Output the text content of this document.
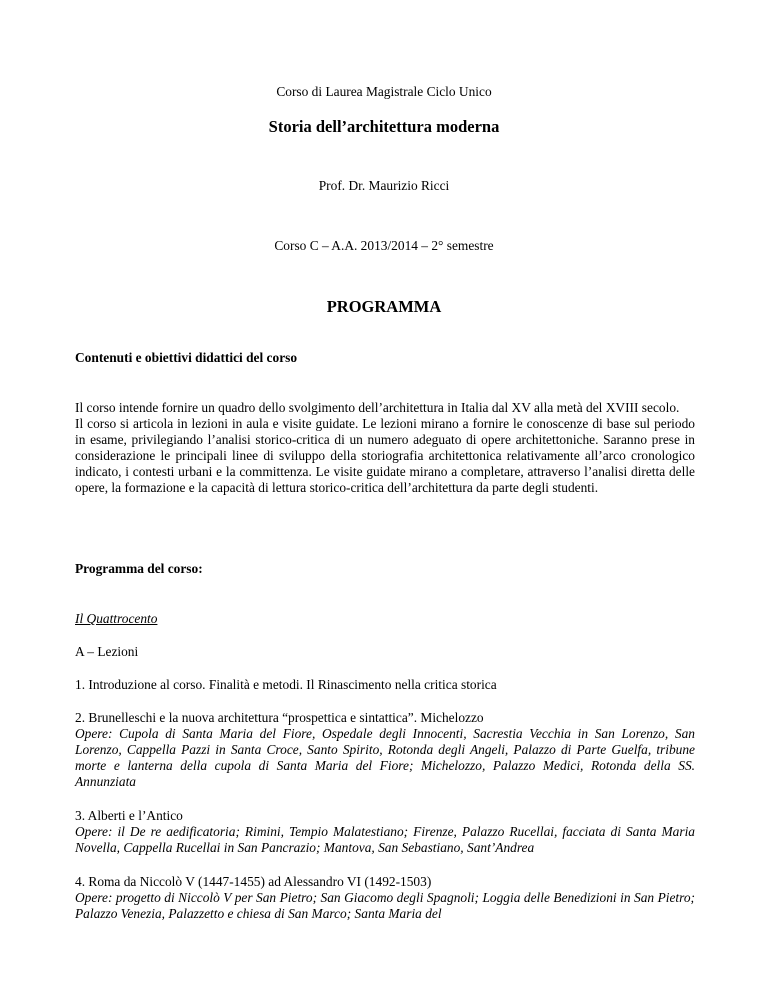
Corso di Laurea Magistrale Ciclo Unico
Storia dell’architettura moderna
Prof. Dr. Maurizio Ricci
Corso C – A.A. 2013/2014 – 2° semestre
PROGRAMMA
Contenuti e obiettivi didattici del corso
Il corso intende fornire un quadro dello svolgimento dell’architettura in Italia dal XV alla metà del XVIII secolo.
Il corso si articola in lezioni in aula e visite guidate. Le lezioni mirano a fornire le conoscenze di base sul periodo in esame, privilegiando l’analisi storico-critica di un numero adeguato di opere architettoniche. Saranno prese in considerazione le principali linee di sviluppo della storiografia architettonica relativamente all’arco cronologico indicato, i contesti urbani e la committenza. Le visite guidate mirano a completare, attraverso l’analisi diretta delle opere, la formazione e la capacità di lettura storico-critica dell’architettura da parte degli studenti.
Programma del corso:
Il Quattrocento
A – Lezioni
1. Introduzione al corso. Finalità e metodi. Il Rinascimento nella critica storica
2. Brunelleschi e la nuova architettura “prospettica e sintattica”. Michelozzo
Opere: Cupola di Santa Maria del Fiore, Ospedale degli Innocenti, Sacrestia Vecchia in San Lorenzo, San Lorenzo, Cappella Pazzi in Santa Croce, Santo Spirito, Rotonda degli Angeli, Palazzo di Parte Guelfa, tribune morte e lanterna della cupola di Santa Maria del Fiore; Michelozzo, Palazzo Medici, Rotonda della SS. Annunziata
3. Alberti e l’Antico
Opere: il De re aedificatoria; Rimini, Tempio Malatestiano; Firenze, Palazzo Rucellai, facciata di Santa Maria Novella, Cappella Rucellai in San Pancrazio; Mantova, San Sebastiano, Sant’Andrea
4. Roma da Niccolò V (1447-1455) ad Alessandro VI (1492-1503)
Opere: progetto di Niccolò V per San Pietro; San Giacomo degli Spagnoli; Loggia delle Benedizioni in San Pietro; Palazzo Venezia, Palazzetto e chiesa di San Marco; Santa Maria del
